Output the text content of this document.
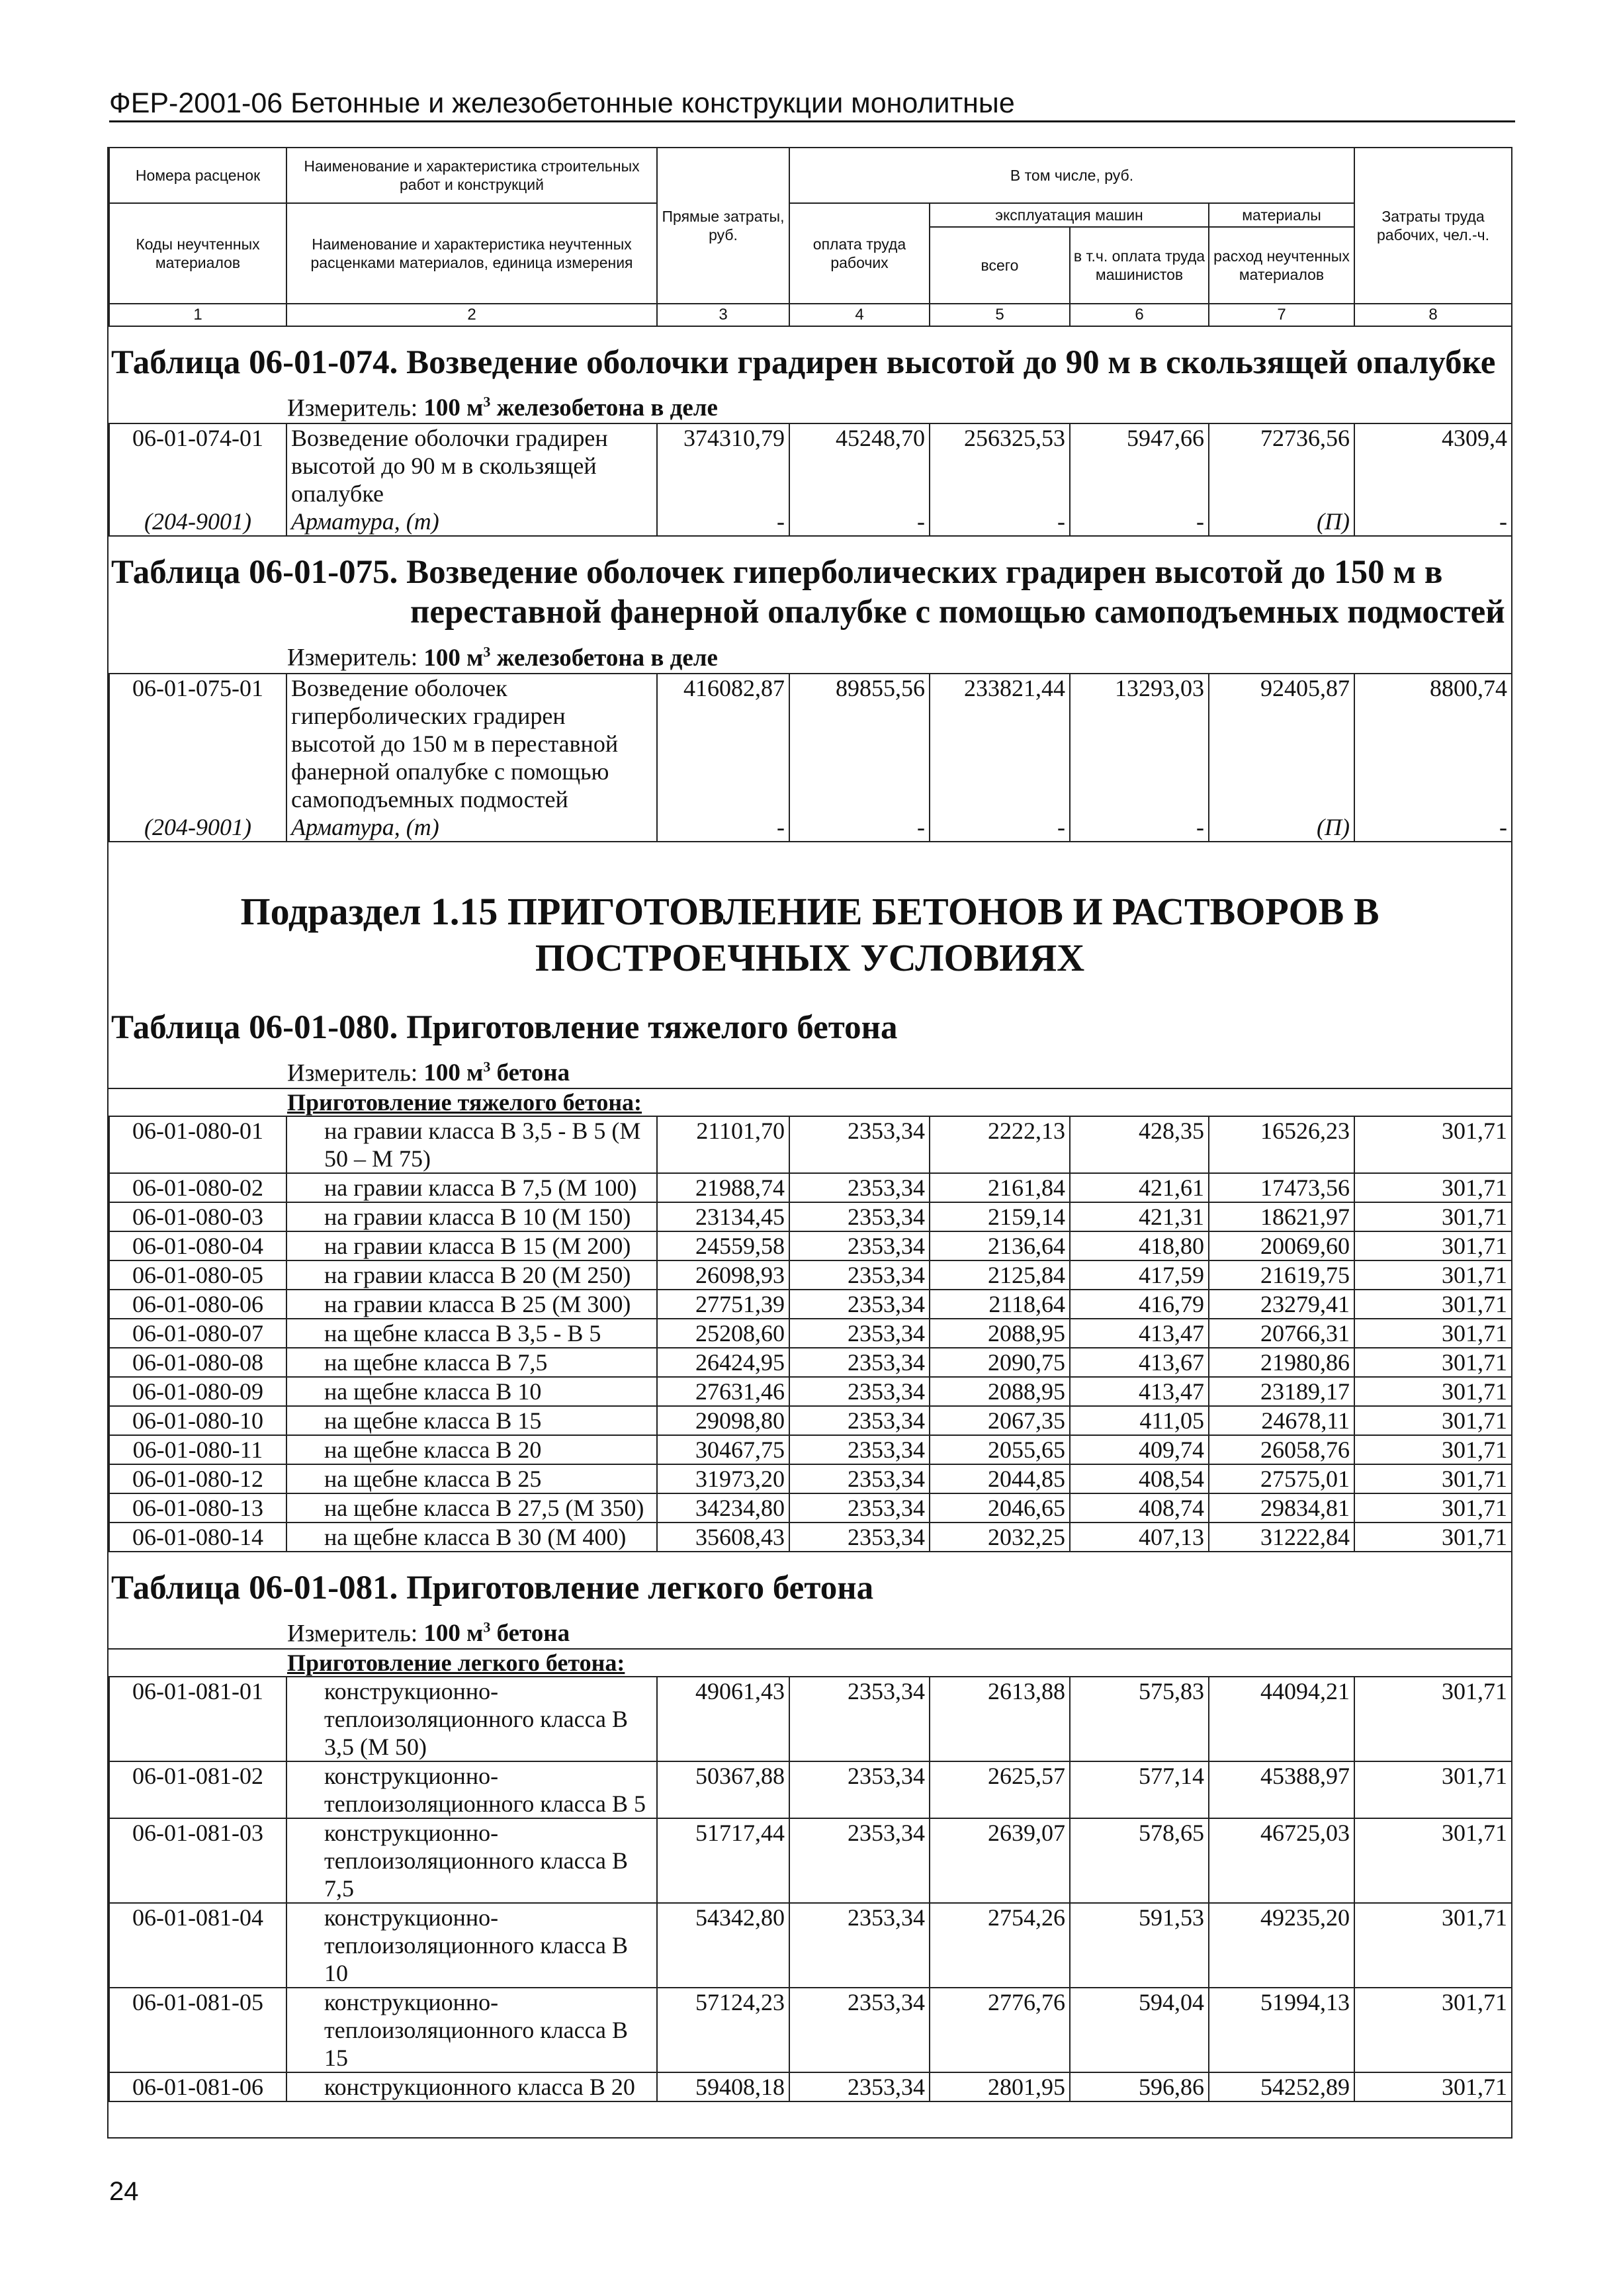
ФЕР-2001-06 Бетонные и железобетонные конструкции монолитные
Номера расценок	Наименование и характеристика строительных работ и конструкций	Прямые затраты, руб.	В том числе, руб.				Затраты труда рабочих, чел.-ч.
Коды неучтенных материалов	Наименование и характеристика неучтенных расценками материалов, единица измерения		оплата труда рабочих	эксплуатация машин		материалы	
				всего	в т.ч. оплата труда машинистов	расход неучтенных материалов	
1	2	3	4	5	6	7	8
Таблица 06-01-074. Возведение оболочки градирен высотой до 90 м в скользящей опалубке
Измеритель: 100 $м^3$ железобетона в деле
06-01-074-01	Возведение оболочки градирен высотой до 90 м в скользящей опалубке	374310,79	45248,70	256325,53	5947,66	72736,56	4309,4
(204-9001)	Арматура, (т)	-	-	-	-	(П)	-
Таблица 06-01-075. Возведение оболочек гиперболических градирен высотой до 150 м в
переставной фанерной опалубке с помощью самоподъемных подмостей
Измеритель: 100 $м^3$ железобетона в деле
06-01-075-01	Возведение оболочек гиперболических градирен высотой до 150 м в переставной фанерной опалубке с помощью самоподъемных подмостей	416082,87	89855,56	233821,44	13293,03	92405,87	8800,74
(204-9001)	Арматура, (т)	-	-	-	-	(П)	-
Подраздел 1.15 ПРИГОТОВЛЕНИЕ БЕТОНОВ И РАСТВОРОВ В
ПОСТРОЕЧНЫХ УСЛОВИЯХ
Таблица 06-01-080. Приготовление тяжелого бетона
Измеритель: 100 $м^3$ бетона
Приготовление тяжелого бетона:
06-01-080-01	на гравии класса В 3,5 - В 5 (М 50 – М 75)	21101,70	2353,34	2222,13	428,35	16526,23	301,71
06-01-080-02	на гравии класса В 7,5 (М 100)	21988,74	2353,34	2161,84	421,61	17473,56	301,71
06-01-080-03	на гравии класса В 10 (М 150)	23134,45	2353,34	2159,14	421,31	18621,97	301,71
06-01-080-04	на гравии класса В 15 (М 200)	24559,58	2353,34	2136,64	418,80	20069,60	301,71
06-01-080-05	на гравии класса В 20 (М 250)	26098,93	2353,34	2125,84	417,59	21619,75	301,71
06-01-080-06	на гравии класса В 25 (М 300)	27751,39	2353,34	2118,64	416,79	23279,41	301,71
06-01-080-07	на щебне класса В 3,5 - В 5	25208,60	2353,34	2088,95	413,47	20766,31	301,71
06-01-080-08	на щебне класса В 7,5	26424,95	2353,34	2090,75	413,67	21980,86	301,71
06-01-080-09	на щебне класса В 10	27631,46	2353,34	2088,95	413,47	23189,17	301,71
06-01-080-10	на щебне класса В 15	29098,80	2353,34	2067,35	411,05	24678,11	301,71
06-01-080-11	на щебне класса В 20	30467,75	2353,34	2055,65	409,74	26058,76	301,71
06-01-080-12	на щебне класса В 25	31973,20	2353,34	2044,85	408,54	27575,01	301,71
06-01-080-13	на щебне класса В 27,5 (М 350)	34234,80	2353,34	2046,65	408,74	29834,81	301,71
06-01-080-14	на щебне класса В 30 (М 400)	35608,43	2353,34	2032,25	407,13	31222,84	301,71
Таблица 06-01-081. Приготовление легкого бетона
Измеритель: 100 $м^3$ бетона
Приготовление легкого бетона:
06-01-081-01	конструкционно-теплоизоляционного класса В 3,5 (М 50)	49061,43	2353,34	2613,88	575,83	44094,21	301,71
06-01-081-02	конструкционно-теплоизоляционного класса В 5	50367,88	2353,34	2625,57	577,14	45388,97	301,71
06-01-081-03	конструкционно-теплоизоляционного класса В 7,5	51717,44	2353,34	2639,07	578,65	46725,03	301,71
06-01-081-04	конструкционно-теплоизоляционного класса В 10	54342,80	2353,34	2754,26	591,53	49235,20	301,71
06-01-081-05	конструкционно-теплоизоляционного класса В 15	57124,23	2353,34	2776,76	594,04	51994,13	301,71
06-01-081-06	конструкционного класса В 20	59408,18	2353,34	2801,95	596,86	54252,89	301,71
24
